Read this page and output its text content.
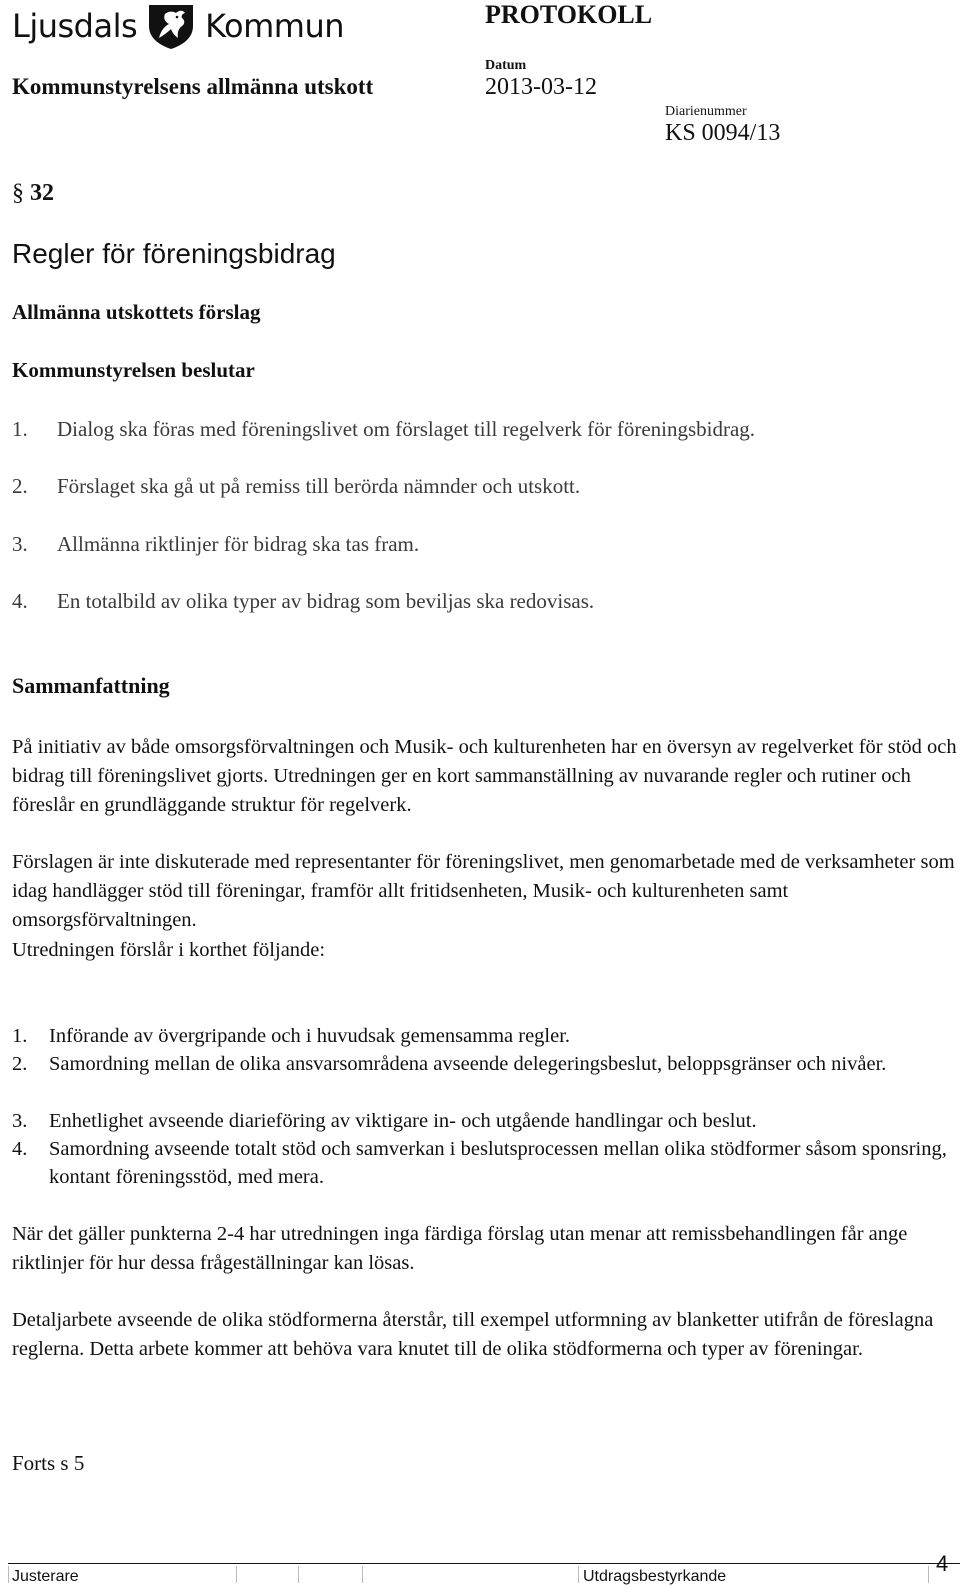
Ljusdals Kommun	PROTOKOLL
Kommunstyrelsens allmänna utskott
Datum
2013-03-12
Diarienummer
KS 0094/13
§ 32
Regler för föreningsbidrag
Allmänna utskottets förslag
Kommunstyrelsen beslutar
1. Dialog ska föras med föreningslivet om förslaget till regelverk för föreningsbidrag.
2. Förslaget ska gå ut på remiss till berörda nämnder och utskott.
3. Allmänna riktlinjer för bidrag ska tas fram.
4. En totalbild av olika typer av bidrag som beviljas ska redovisas.
Sammanfattning
På initiativ av både omsorgsförvaltningen och Musik- och kulturenheten har en översyn av regelverket för stöd och bidrag till föreningslivet gjorts. Utredningen ger en kort sammanställning av nuvarande regler och rutiner och föreslår en grundläggande struktur för regelverk.
Förslagen är inte diskuterade med representanter för föreningslivet, men genomarbetade med de verksamheter som idag handlägger stöd till föreningar, framför allt fritidsenheten, Musik- och kulturenheten samt omsorgsförvaltningen.
Utredningen förslår i korthet följande:
1.	Införande av övergripande och i huvudsak gemensamma regler.
2.	Samordning mellan de olika ansvarsområdena avseende delegeringsbeslut, beloppsgränser och nivåer.
3.	Enhetlighet avseende diarieföring av viktigare in- och utgående handlingar och beslut.
4.	Samordning avseende totalt stöd och samverkan i beslutsprocessen mellan olika stödformer såsom sponsring, kontant föreningsstöd, med mera.
När det gäller punkterna 2-4 har utredningen inga färdiga förslag utan menar att remissbehandlingen får ange riktlinjer för hur dessa frågeställningar kan lösas.
Detaljarbete avseende de olika stödformerna återstår, till exempel utformning av blanketter utifrån de föreslagna reglerna. Detta arbete kommer att behöva vara knutet till de olika stödformerna och typer av föreningar.
Forts s 5
Justerare	Utdragsbestyrkande
4
